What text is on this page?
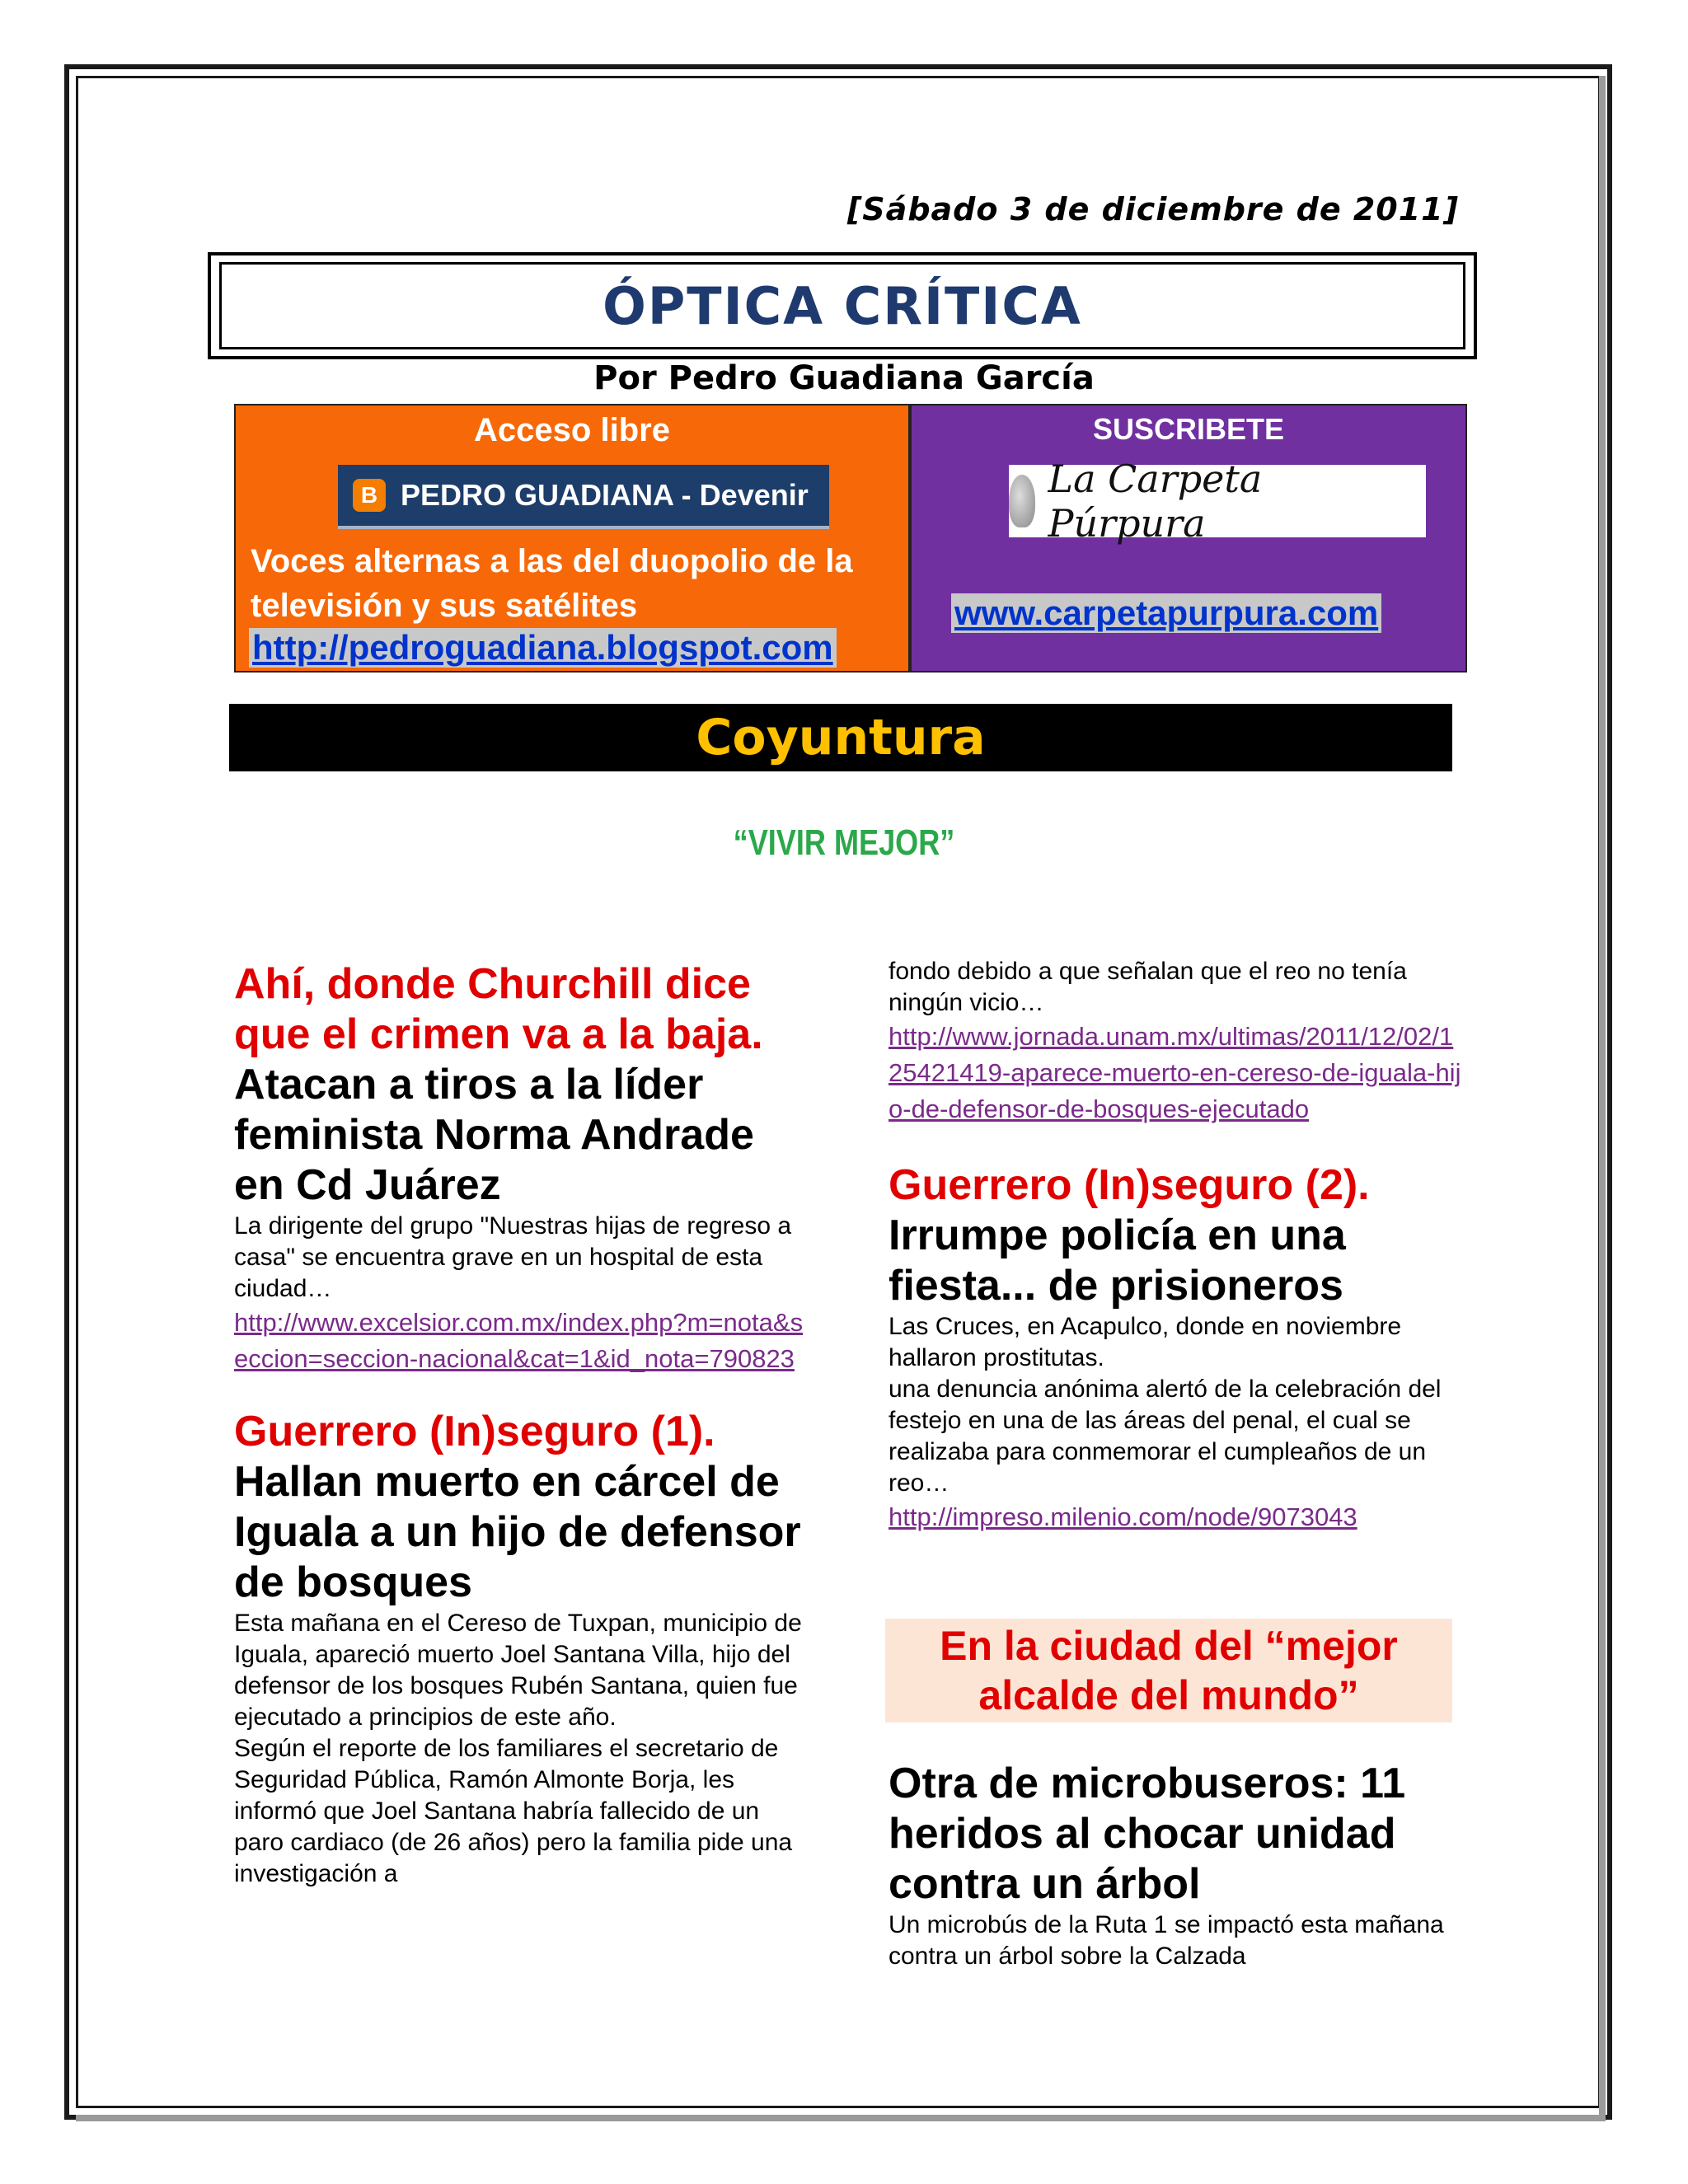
[Sábado 3 de diciembre de 2011]
ÓPTICA CRÍTICA
Por Pedro Guadiana García
Acceso libre
B
PEDRO GUADIANA - Devenir
Voces alternas a las del duopolio de la televisión y sus satélites
http://pedroguadiana.blogspot.com
SUSCRIBETE
La Carpeta Púrpura
www.carpetapurpura.com
Coyuntura
“VIVIR MEJOR”
Ahí, donde Churchill dice que el crimen va a la baja.
Atacan a tiros a la líder feminista Norma Andrade en Cd Juárez
La dirigente del grupo "Nuestras hijas de regreso a casa" se encuentra grave en un hospital de esta ciudad…
http://www.excelsior.com.mx/index.php?m=nota&seccion=seccion-nacional&cat=1&id_nota=790823
Guerrero (In)seguro (1).
Hallan muerto en cárcel de Iguala a un hijo de defensor de bosques
Esta mañana en el Cereso de Tuxpan, municipio de Iguala, apareció muerto Joel Santana Villa, hijo del defensor de los bosques Rubén Santana, quien fue ejecutado a principios de este año.
Según el reporte de los familiares el secretario de Seguridad Pública, Ramón Almonte Borja, les informó que Joel Santana habría fallecido de un paro cardiaco (de 26 años) pero la familia pide una investigación a
fondo debido a que señalan que el reo no tenía ningún vicio…
http://www.jornada.unam.mx/ultimas/2011/12/02/125421419-aparece-muerto-en-cereso-de-iguala-hijo-de-defensor-de-bosques-ejecutado
Guerrero (In)seguro (2).
Irrumpe policía en una fiesta... de prisioneros
Las Cruces, en Acapulco, donde en noviembre hallaron prostitutas.
una denuncia anónima alertó de la celebración del festejo en una de las áreas del penal, el cual se realizaba para conmemorar el cumpleaños de un reo…
http://impreso.milenio.com/node/9073043
En la ciudad del “mejor alcalde del mundo”
Otra de microbuseros: 11 heridos al chocar unidad contra un árbol
Un microbús de la Ruta 1 se impactó esta mañana contra un árbol sobre la Calzada
